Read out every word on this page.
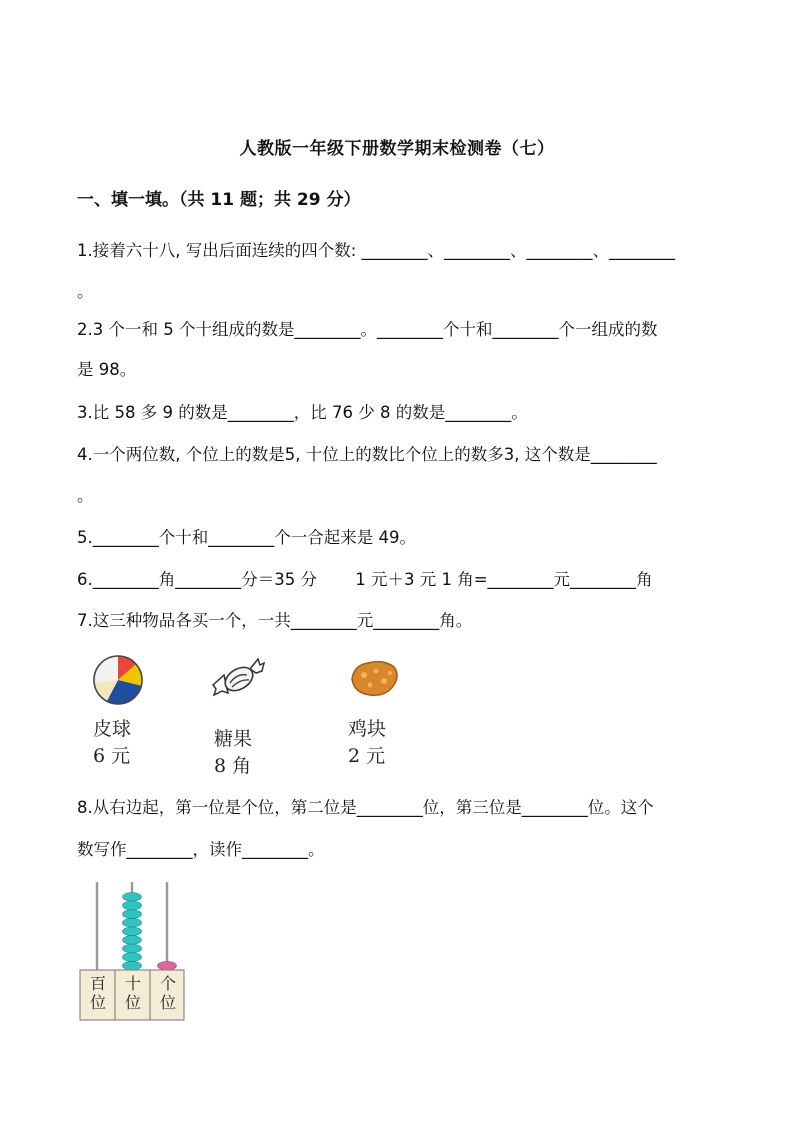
人教版一年级下册数学期末检测卷（七）
一、填一填。（共 11 题；共 29 分）
1.接着六十八, 写出后面连续的四个数: ________、________、________、________
。
2.3 个一和 5 个十组成的数是________。________个十和________个一组成的数
是 98。
3.比 58 多 9 的数是________，比 76 少 8 的数是________。
4.一个两位数, 个位上的数是5, 十位上的数比个位上的数多3, 这个数是________
。
5.________个十和________个一合起来是 49。
6.________角________分＝35 分　　 1 元＋3 元 1 角=________元________角
7.这三种物品各买一个，一共________元________角。
皮球
6 元
糖果
8 角
鸡块
2 元
8.从右边起，第一位是个位，第二位是________位，第三位是________位。这个
数写作________，读作________。
百
位
十
位
个
位
